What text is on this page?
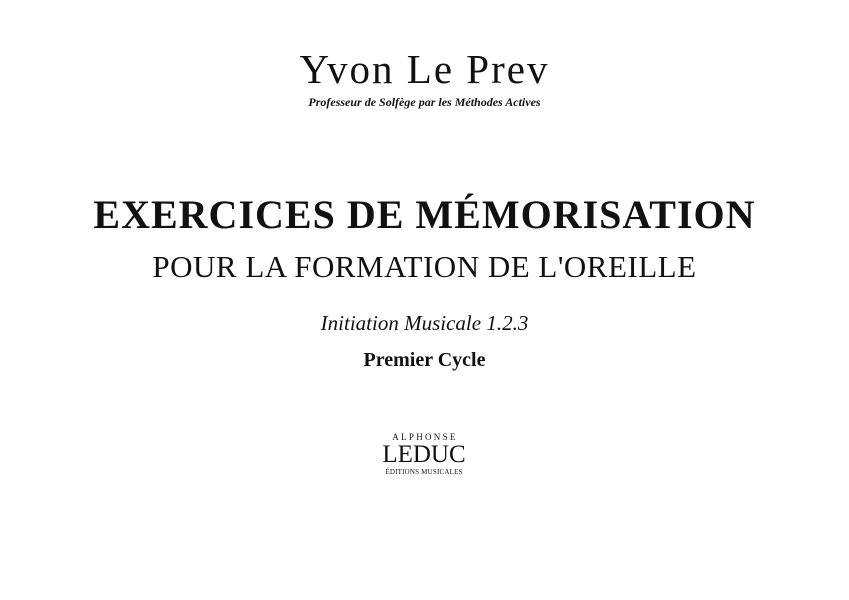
Yvon Le Prev
Professeur de Solfège par les Méthodes Actives
EXERCICES DE MÉMORISATION
POUR LA FORMATION DE L'OREILLE
Initiation Musicale 1.2.3
Premier Cycle
ALPHONSE
LEDUC
ÉDITIONS MUSICALES
